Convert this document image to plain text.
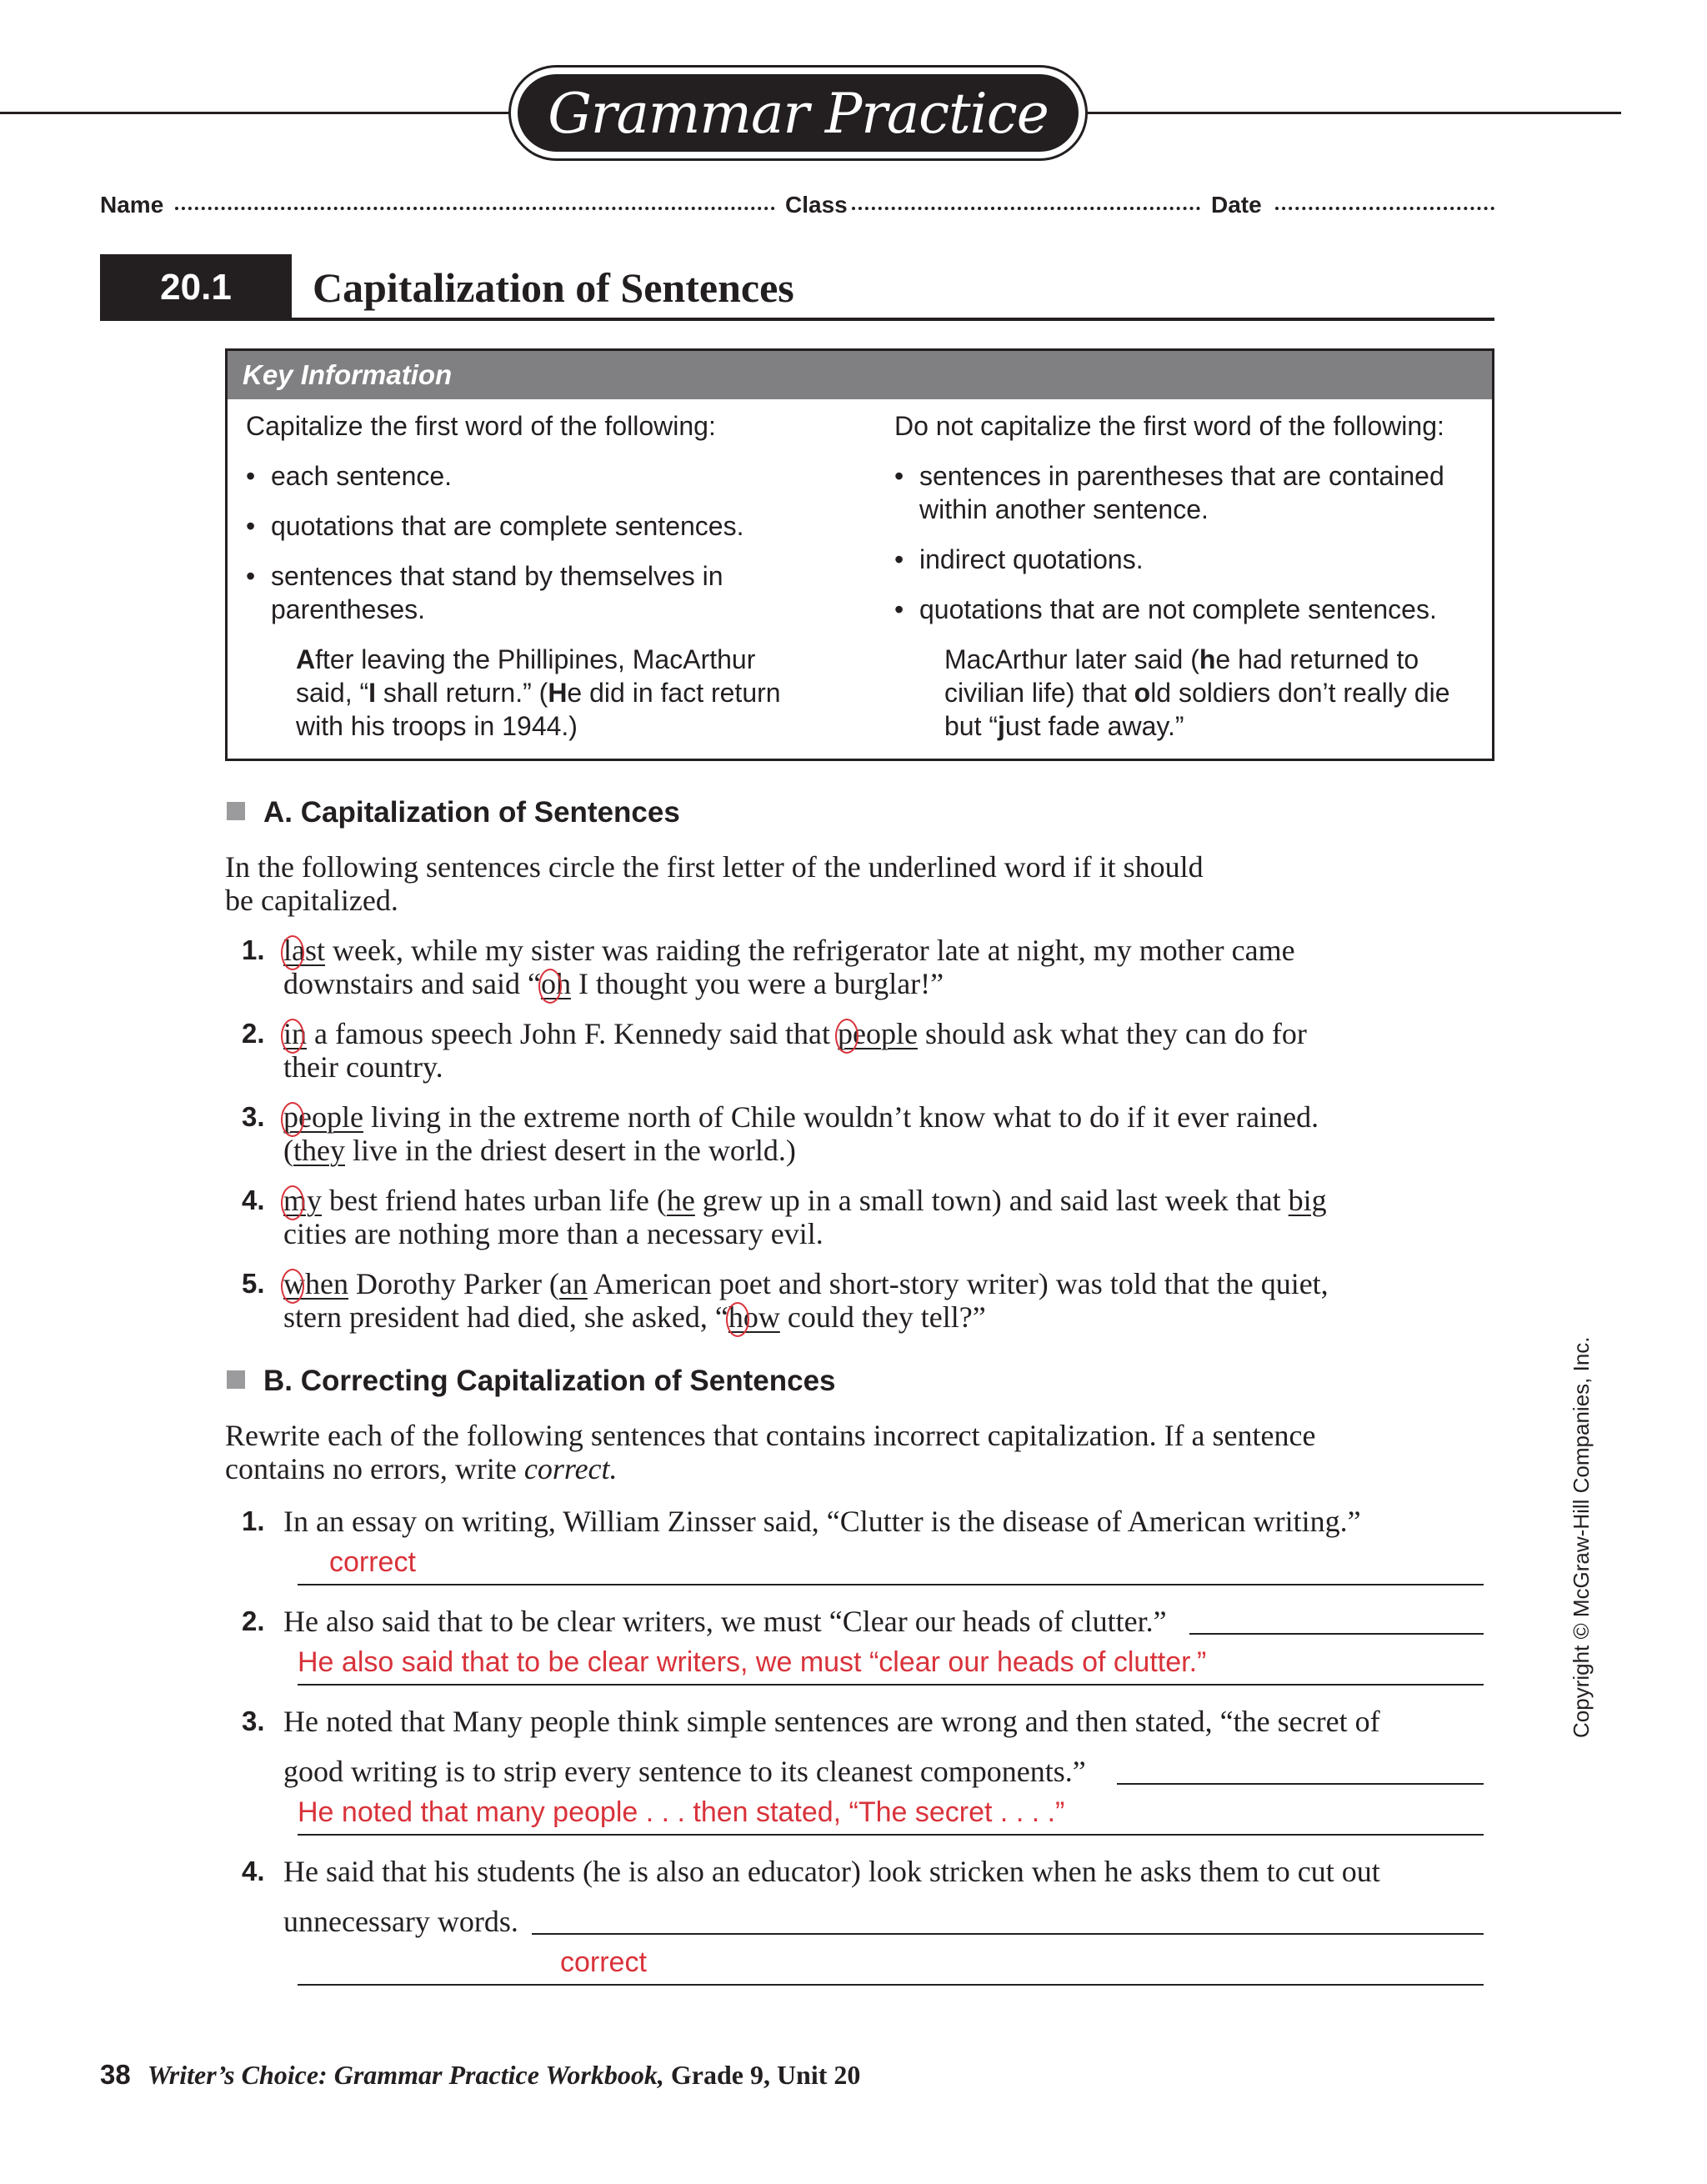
Grammar Practice
Name	Class	Date
20.1	Capitalization of Sentences
Key Information

Capitalize the first word of the following:

• each sentence.

• quotations that are complete sentences.

• sentences that stand by themselves in
parentheses.

After leaving the Phillipines, MacArthur
said, “I shall return.” (He did in fact return
with his troops in 1944.)

Do not capitalize the first word of the following:

• sentences in parentheses that are contained
within another sentence.

• indirect quotations.

• quotations that are not complete sentences.

MacArthur later said (he had returned to
civilian life) that old soldiers don’t really die
but “just fade away.”
A. Capitalization of Sentences
In the following sentences circle the first letter of the underlined word if it should
be capitalized.
1. last
week, while my sister was raiding the refrigerator late at night, my mother came
downstairs and said “oh
I thought you were a burglar!”
2. in
a famous speech John F. Kennedy said that people
should ask what they can do for
their country.
3. people
living in the extreme north of Chile wouldn’t know what to do if it ever rained.
(they live in the driest desert in the world.)
4. my
best friend hates urban life (he grew up in a small town) and said last week that big
cities are nothing more than a necessary evil.
5. when
Dorothy Parker (an American poet and short-story writer) was told that the quiet,
stern president had died, she asked, “how
could they tell?”
B. Correcting Capitalization of Sentences
Rewrite each of the following sentences that contains incorrect capitalization. If a sentence
contains no errors, write correct.
1. In an essay on writing, William Zinsser said, “Clutter is the disease of American writing.”
correct
2. He also said that to be clear writers, we must “Clear our heads of clutter.”
He also said that to be clear writers, we must “clear our heads of clutter.”
3. He noted that Many people think simple sentences are wrong and then stated, “the secret of
good writing is to strip every sentence to its cleanest components.”
He noted that many people . . . then stated, “The secret . . . .”
4. He said that his students (he is also an educator) look stricken when he asks them to cut out
unnecessary words.
correct
38 Writer’s Choice: Grammar Practice Workbook, Grade 9, Unit 20
Copyright © McGraw-Hill Companies, Inc.
